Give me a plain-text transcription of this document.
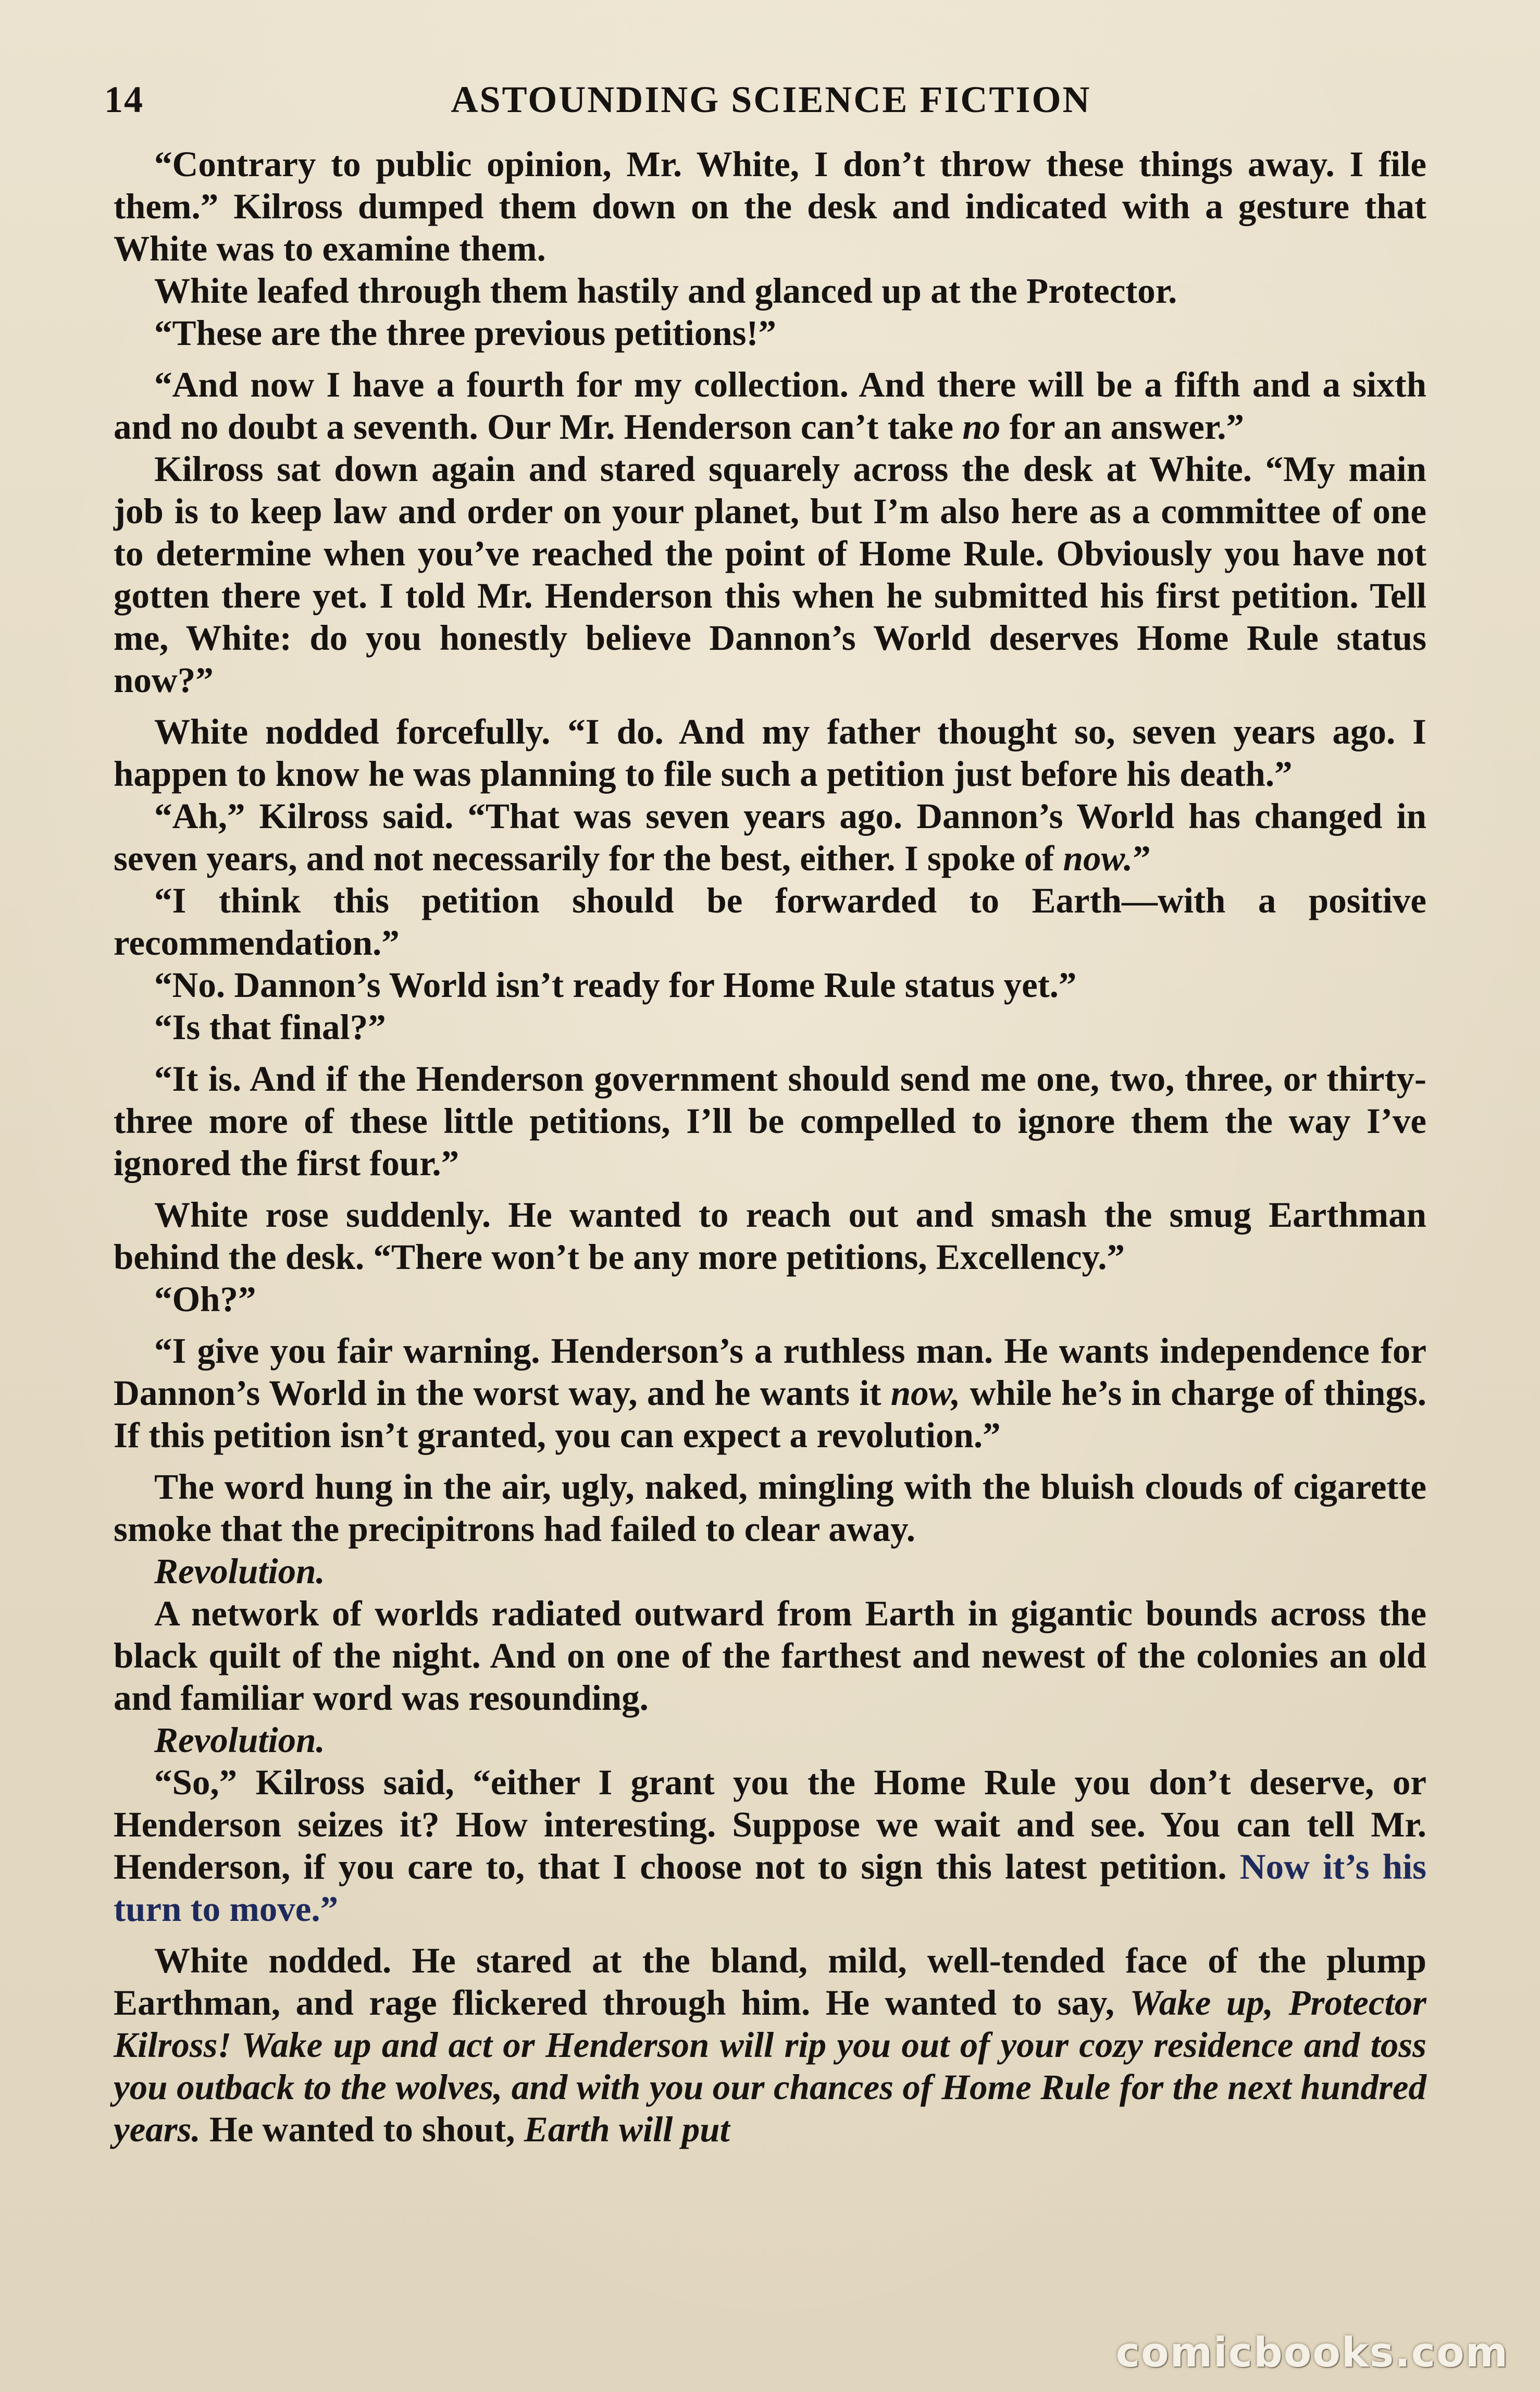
14	ASTOUNDING SCIENCE FICTION

“Contrary to public opinion, Mr. White, I don’t throw these things away. I file them.” Kilross dumped them down on the desk and indicated with a gesture that White was to examine them.

White leafed through them hastily and glanced up at the Protector.

“These are the three previous petitions!”

“And now I have a fourth for my collection. And there will be a fifth and a sixth and no doubt a seventh. Our Mr. Henderson can’t take no for an answer.”

Kilross sat down again and stared squarely across the desk at White. “My main job is to keep law and order on your planet, but I’m also here as a committee of one to determine when you’ve reached the point of Home Rule. Obviously you have not gotten there yet. I told Mr. Henderson this when he submitted his first petition. Tell me, White: do you honestly believe Dannon’s World deserves Home Rule status now?”

White nodded forcefully. “I do. And my father thought so, seven years ago. I happen to know he was planning to file such a petition just before his death.”

“Ah,” Kilross said. “That was seven years ago. Dannon’s World has changed in seven years, and not necessarily for the best, either. I spoke of now.”

“I think this petition should be forwarded to Earth—with a positive recommendation.”

“No. Dannon’s World isn’t ready for Home Rule status yet.”

“Is that final?”

“It is. And if the Henderson government should send me one, two, three, or thirty-three more of these little petitions, I’ll be compelled to ignore them the way I’ve ignored the first four.”

White rose suddenly. He wanted to reach out and smash the smug Earthman behind the desk. “There won’t be any more petitions, Excellency.”

“Oh?”

“I give you fair warning. Henderson’s a ruthless man. He wants independence for Dannon’s World in the worst way, and he wants it now, while he’s in charge of things. If this petition isn’t granted, you can expect a revolution.”

The word hung in the air, ugly, naked, mingling with the bluish clouds of cigarette smoke that the precipitrons had failed to clear away.

Revolution.

A network of worlds radiated outward from Earth in gigantic bounds across the black quilt of the night. And on one of the farthest and newest of the colonies an old and familiar word was resounding.

Revolution.

“So,” Kilross said, “either I grant you the Home Rule you don’t deserve, or Henderson seizes it? How interesting. Suppose we wait and see. You can tell Mr. Henderson, if you care to, that I choose not to sign this latest petition. Now it’s his turn to move.”

White nodded. He stared at the bland, mild, well-tended face of the plump Earthman, and rage flickered through him. He wanted to say, Wake up, Protector Kilross! Wake up and act or Henderson will rip you out of your cozy residence and toss you outback to the wolves, and with you our chances of Home Rule for the next hundred years. He wanted to shout, Earth will put

comicbooks.com
